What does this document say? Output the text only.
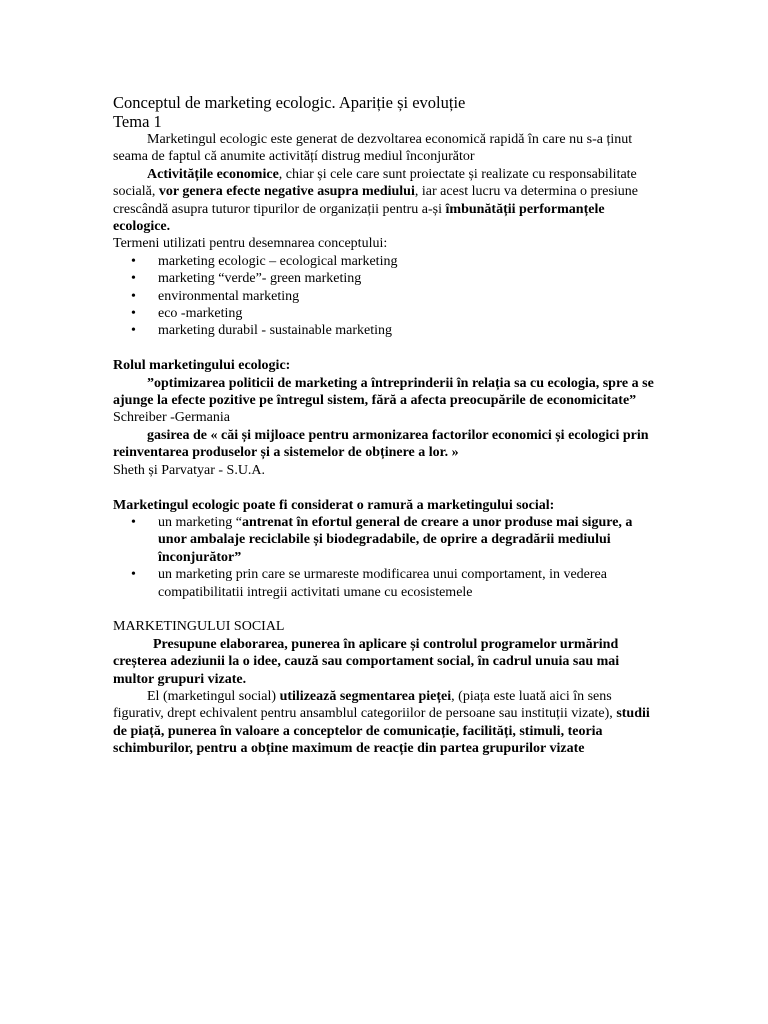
Conceptul de marketing ecologic. Apariție și evoluție

Tema 1

Marketingul ecologic este generat de dezvoltarea economică rapidă în care nu s-a ținut seama de faptul că anumite activitățí distrug mediul înconjurător

Activitățile economice, chiar și cele care sunt proiectate și realizate cu responsabilitate socială, vor genera efecte negative asupra mediului, iar acest lucru va determina o presiune crescândă asupra tuturor tipurilor de organizații pentru a-și îmbunătății performanțele ecologice.

Termeni utilizati pentru desemnarea conceptului:

• marketing ecologic – ecological marketing
• marketing “verde”- green marketing
• environmental marketing
• eco -marketing
• marketing durabil - sustainable marketing

Rolul marketingului ecologic:

”optimizarea politicii de marketing a întreprinderii în relația sa cu ecologia, spre a se ajunge la efecte pozitive pe întregul sistem, fără a afecta preocupările de economicitate” Schreiber -Germania

gasirea de « căi și mijloace pentru armonizarea factorilor economici și ecologici prin reinventarea produselor și a sistemelor de obținere a lor. »

Sheth și Parvatyar - S.U.A.

Marketingul ecologic poate fi considerat o ramură a marketingului social:

• un marketing “antrenat în efortul general de creare a unor produse mai sigure, a unor ambalaje reciclabile și biodegradabile, de oprire a degradării mediului înconjurător”
• un marketing prin care se urmareste modificarea unui comportament, in vederea compatibilitatii intregii activitati umane cu ecosistemele

MARKETINGULUI SOCIAL

Presupune elaborarea, punerea în aplicare și controlul programelor urmărind creșterea adeziunii la o idee, cauză sau comportament social, în cadrul unuia sau mai multor grupuri vizate.

El (marketingul social) utilizează segmentarea pieței, (piața este luată aici în sens figurativ, drept echivalent pentru ansamblul categoriilor de persoane sau instituții vizate), studii de piață, punerea în valoare a conceptelor de comunicație, facilități, stimuli, teoria schimburilor, pentru a obține maximum de reacție din partea grupurilor vizate
